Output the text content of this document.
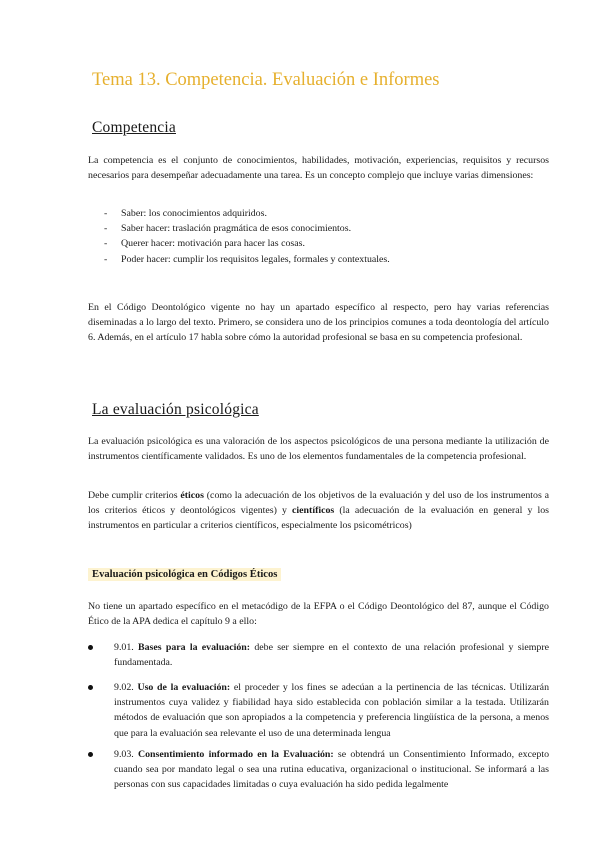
Tema 13. Competencia. Evaluación e Informes
Competencia
La competencia es el conjunto de conocimientos, habilidades, motivación, experiencias, requisitos y recursos necesarios para desempeñar adecuadamente una tarea. Es un concepto complejo que incluye varias dimensiones:
- Saber: los conocimientos adquiridos.
- Saber hacer: traslación pragmática de esos conocimientos.
- Querer hacer: motivación para hacer las cosas.
- Poder hacer: cumplir los requisitos legales, formales y contextuales.
En el Código Deontológico vigente no hay un apartado específico al respecto, pero hay varias referencias diseminadas a lo largo del texto. Primero, se considera uno de los principios comunes a toda deontología del artículo 6. Además, en el artículo 17 habla sobre cómo la autoridad profesional se basa en su competencia profesional.
La evaluación psicológica
La evaluación psicológica es una valoración de los aspectos psicológicos de una persona mediante la utilización de instrumentos científicamente validados. Es uno de los elementos fundamentales de la competencia profesional.
Debe cumplir criterios éticos (como la adecuación de los objetivos de la evaluación y del uso de los instrumentos a los criterios éticos y deontológicos vigentes) y científicos (la adecuación de la evaluación en general y los instrumentos en particular a criterios científicos, especialmente los psicométricos)
Evaluación psicológica en Códigos Éticos
No tiene un apartado específico en el metacódigo de la EFPA o el Código Deontológico del 87, aunque el Código Ético de la APA dedica el capítulo 9 a ello:
9.01. Bases para la evaluación: debe ser siempre en el contexto de una relación profesional y siempre fundamentada.
9.02. Uso de la evaluación: el proceder y los fines se adecúan a la pertinencia de las técnicas. Utilizarán instrumentos cuya validez y fiabilidad haya sido establecida con población similar a la testada. Utilizarán métodos de evaluación que son apropiados a la competencia y preferencia lingüística de la persona, a menos que para la evaluación sea relevante el uso de una determinada lengua
9.03. Consentimiento informado en la Evaluación: se obtendrá un Consentimiento Informado, excepto cuando sea por mandato legal o sea una rutina educativa, organizacional o institucional. Se informará a las personas con sus capacidades limitadas o cuya evaluación ha sido pedida legalmente
